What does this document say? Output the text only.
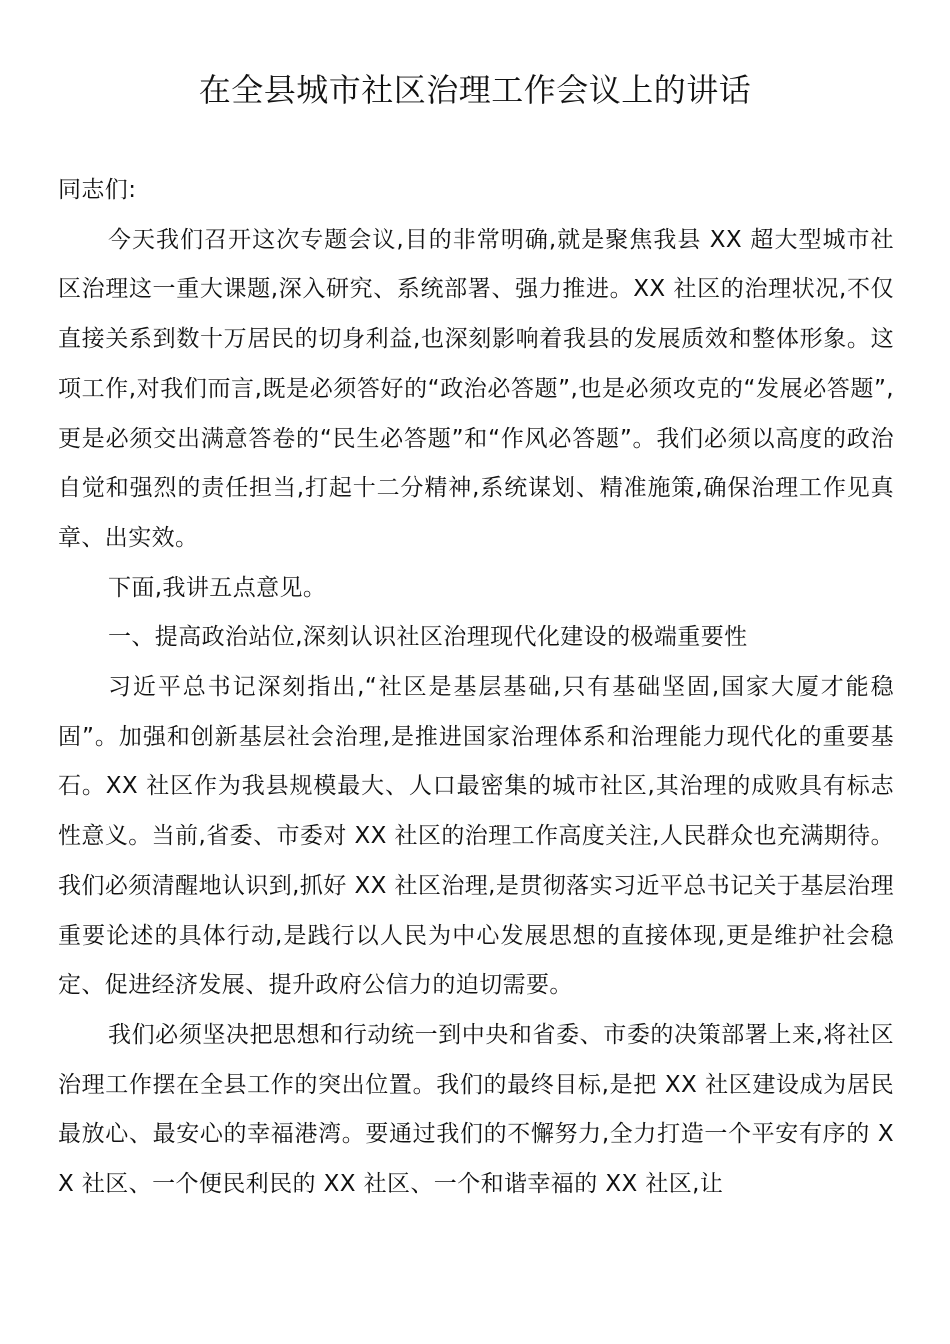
在全县城市社区治理工作会议上的讲话

同志们:

今天我们召开这次专题会议,目的非常明确,就是聚焦我县 XX 超大型城市社区治理这一重大课题,深入研究、系统部署、强力推进。XX 社区的治理状况,不仅直接关系到数十万居民的切身利益,也深刻影响着我县的发展质效和整体形象。这项工作,对我们而言,既是必须答好的“政治必答题”,也是必须攻克的“发展必答题”,更是必须交出满意答卷的“民生必答题”和“作风必答题”。我们必须以高度的政治自觉和强烈的责任担当,打起十二分精神,系统谋划、精准施策,确保治理工作见真章、出实效。

下面,我讲五点意见。

一、提高政治站位,深刻认识社区治理现代化建设的极端重要性

习近平总书记深刻指出,“社区是基层基础,只有基础坚固,国家大厦才能稳固”。加强和创新基层社会治理,是推进国家治理体系和治理能力现代化的重要基石。XX 社区作为我县规模最大、人口最密集的城市社区,其治理的成败具有标志性意义。当前,省委、市委对 XX 社区的治理工作高度关注,人民群众也充满期待。我们必须清醒地认识到,抓好 XX 社区治理,是贯彻落实习近平总书记关于基层治理重要论述的具体行动,是践行以人民为中心发展思想的直接体现,更是维护社会稳定、促进经济发展、提升政府公信力的迫切需要。

我们必须坚决把思想和行动统一到中央和省委、市委的决策部署上来,将社区治理工作摆在全县工作的突出位置。我们的最终目标,是把 XX 社区建设成为居民最放心、最安心的幸福港湾。要通过我们的不懈努力,全力打造一个平安有序的 XX 社区、一个便民利民的 XX 社区、一个和谐幸福的 XX 社区,让
